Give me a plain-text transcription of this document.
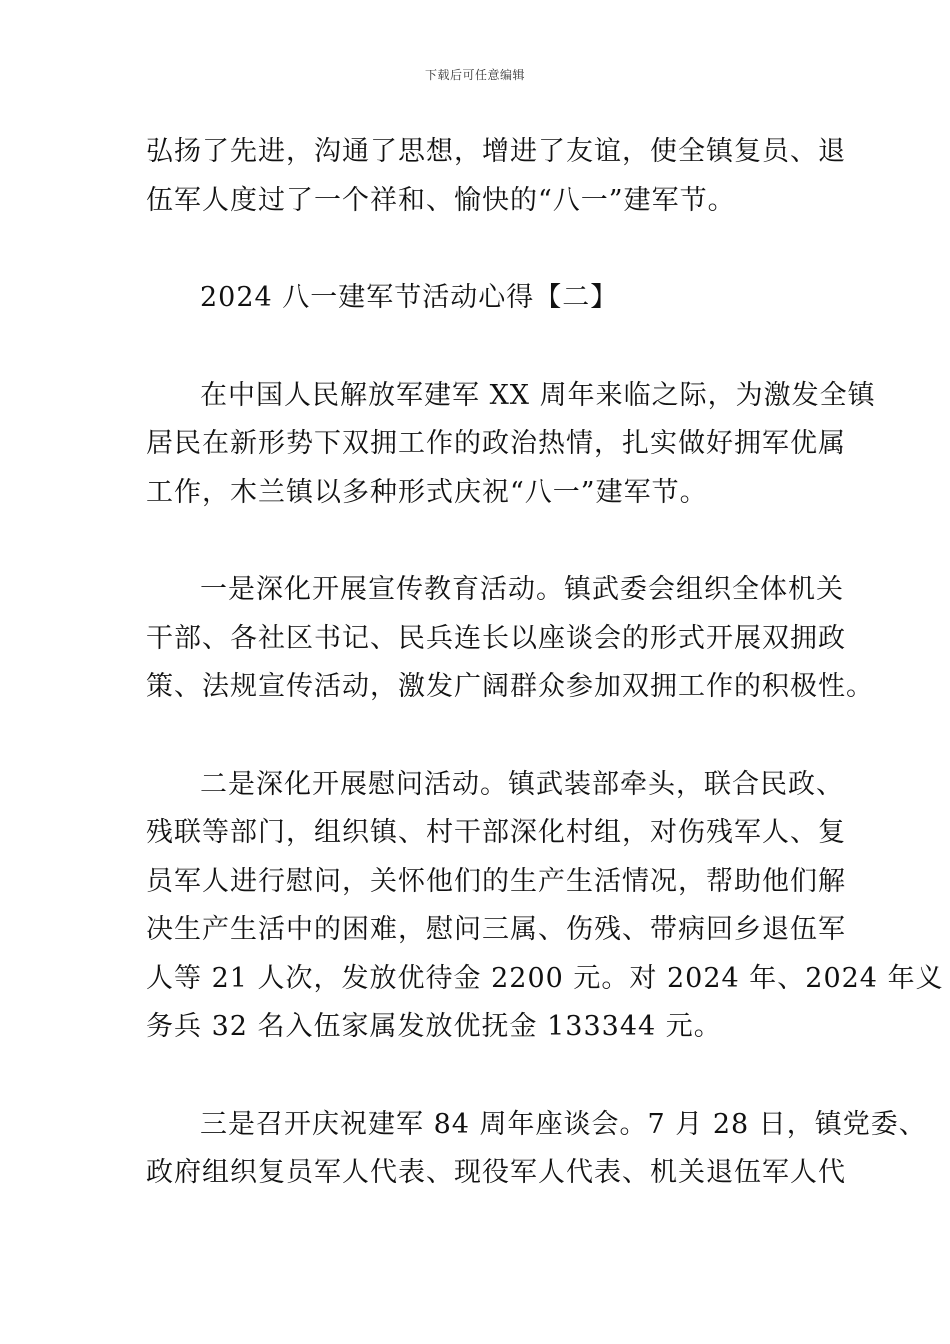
下载后可任意编辑

弘扬了先进，沟通了思想，增进了友谊，使全镇复员、退
伍军人度过了一个祥和、愉快的“八一”建军节。

2024 八一建军节活动心得【二】

在中国人民解放军建军 XX 周年来临之际，为激发全镇
居民在新形势下双拥工作的政治热情，扎实做好拥军优属
工作，木兰镇以多种形式庆祝“八一”建军节。

一是深化开展宣传教育活动。镇武委会组织全体机关
干部、各社区书记、民兵连长以座谈会的形式开展双拥政
策、法规宣传活动，激发广阔群众参加双拥工作的积极性。

二是深化开展慰问活动。镇武装部牵头，联合民政、
残联等部门，组织镇、村干部深化村组，对伤残军人、复
员军人进行慰问，关怀他们的生产生活情况，帮助他们解
决生产生活中的困难，慰问三属、伤残、带病回乡退伍军
人等 21 人次，发放优待金 2200 元。对 2024 年、2024 年义
务兵 32 名入伍家属发放优抚金 133344 元。

三是召开庆祝建军 84 周年座谈会。7 月 28 日，镇党委、
政府组织复员军人代表、现役军人代表、机关退伍军人代
